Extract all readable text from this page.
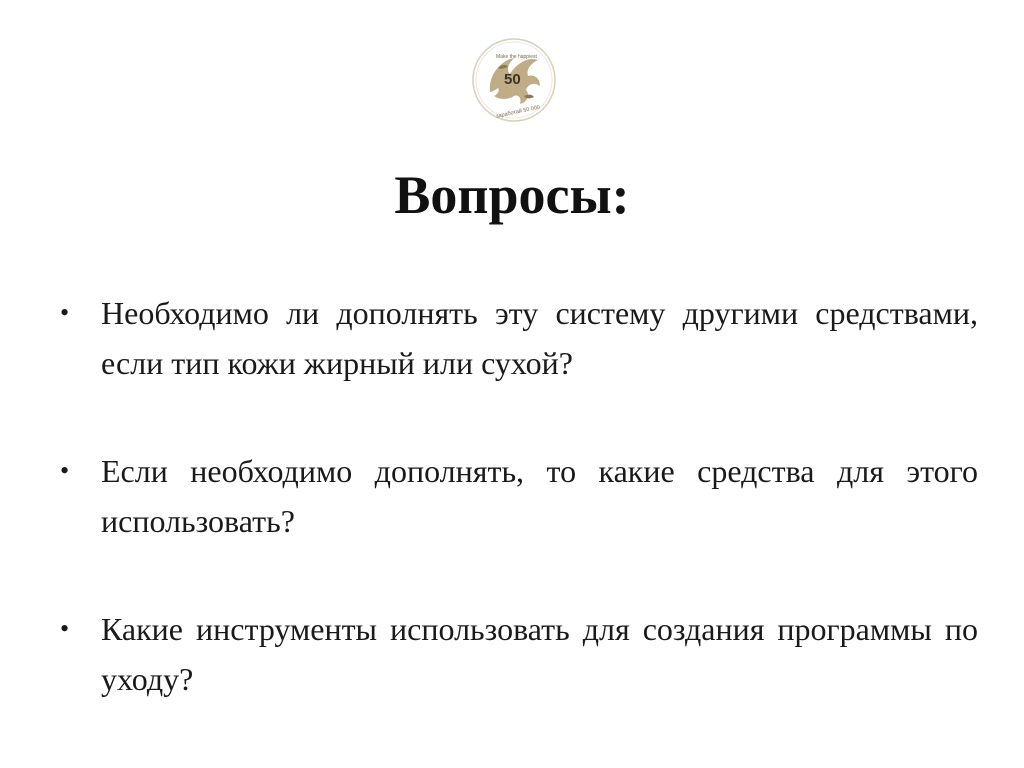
Make the happiest
50
заработай 50 000
Вопросы:
• Необходимо ли дополнять эту систему другими средствами, если тип кожи жирный или сухой?
• Если необходимо дополнять, то какие средства для этого использовать?
• Какие инструменты использовать для создания программы по уходу?
